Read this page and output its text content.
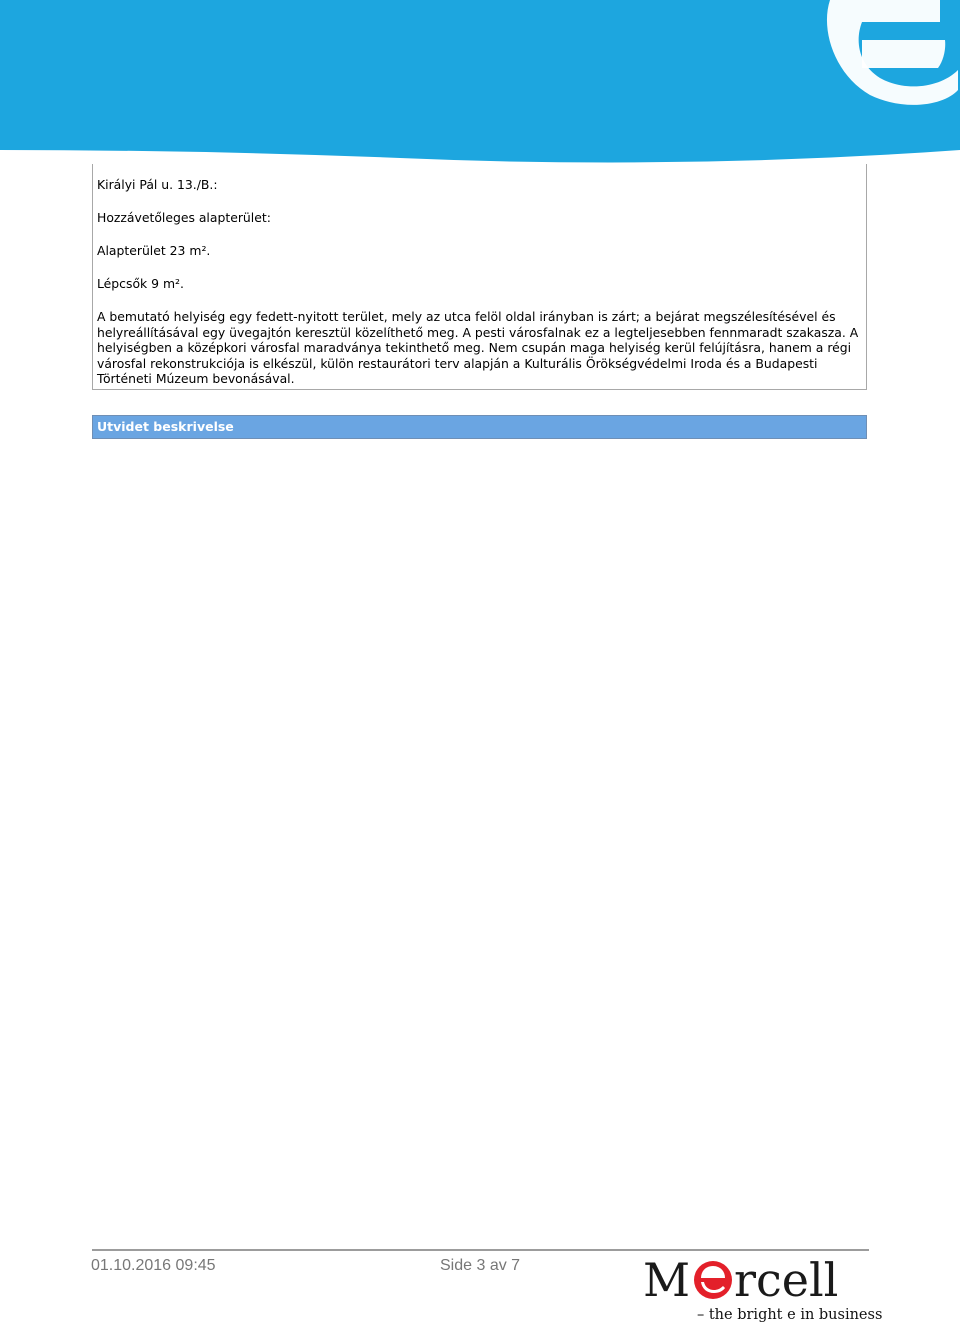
Királyi Pál u. 13./B.:

Hozzávetőleges alapterület:

Alapterület 23 m².

Lépcsők 9 m².

A bemutató helyiség egy fedett-nyitott terület, mely az utca felöl oldal irányban is zárt; a bejárat megszélesítésével és helyreállításával egy üvegajtón keresztül közelíthető meg. A pesti városfalnak ez a legteljesebben fennmaradt szakasza. A helyiségben a középkori városfal maradványa tekinthető meg. Nem csupán maga helyiség kerül felújításra, hanem a régi városfal rekonstrukciója is elkészül, külön restaurátori terv alapján a Kulturális Örökségvédelmi Iroda és a Budapesti Történeti Múzeum bevonásával.

Utvidet beskrivelse
01.10.2016 09:45	Side 3 av 7	M rcell
– the bright e in business
